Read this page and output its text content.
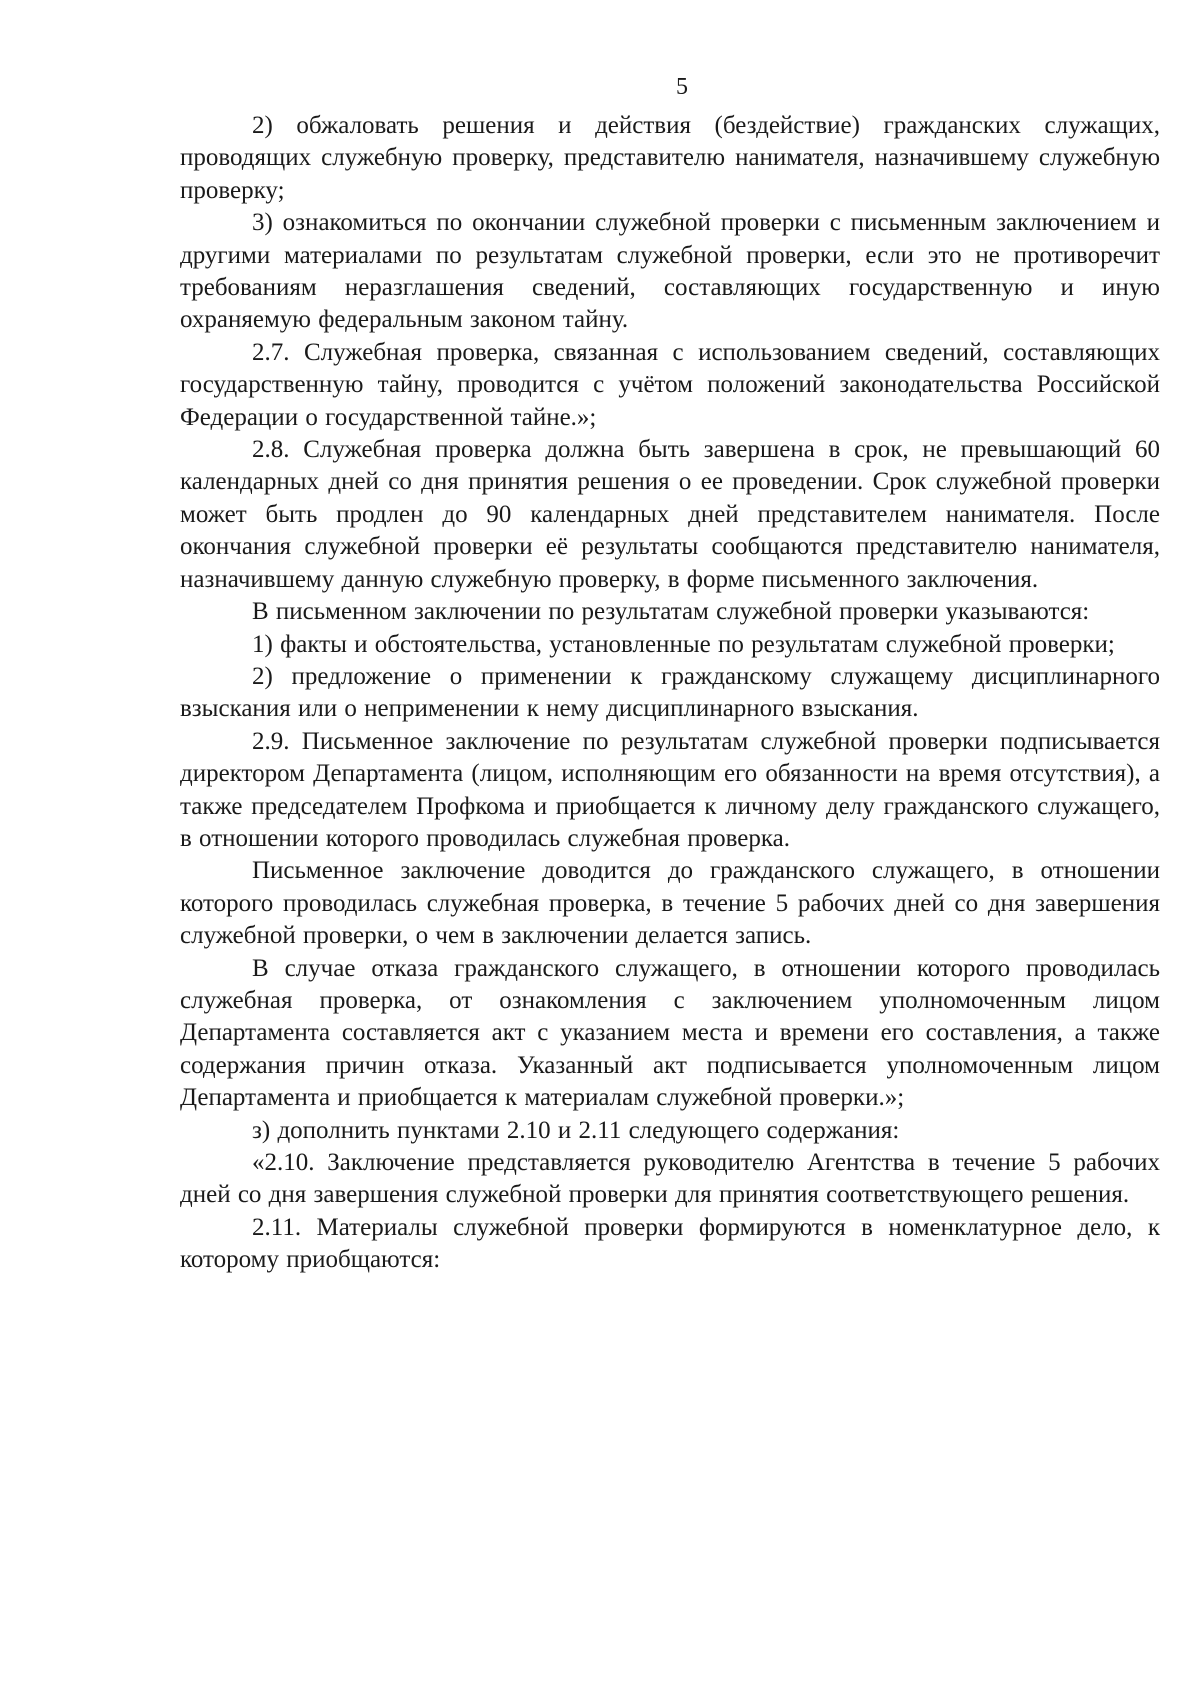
5

2) обжаловать решения и действия (бездействие) гражданских служащих, проводящих служебную проверку, представителю нанимателя, назначившему служебную проверку;

3) ознакомиться по окончании служебной проверки с письменным заключением и другими материалами по результатам служебной проверки, если это не противоречит требованиям неразглашения сведений, составляющих государственную и иную охраняемую федеральным законом тайну.

2.7. Служебная проверка, связанная с использованием сведений, составляющих государственную тайну, проводится с учётом положений законодательства Российской Федерации о государственной тайне.»;

2.8. Служебная проверка должна быть завершена в срок, не превышающий 60 календарных дней со дня принятия решения о ее проведении. Срок служебной проверки может быть продлен до 90 календарных дней представителем нанимателя. После окончания служебной проверки её результаты сообщаются представителю нанимателя, назначившему данную служебную проверку, в форме письменного заключения.

В письменном заключении по результатам служебной проверки указываются:

1) факты и обстоятельства, установленные по результатам служебной проверки;

2) предложение о применении к гражданскому служащему дисциплинарного взыскания или о неприменении к нему дисциплинарного взыскания.

2.9. Письменное заключение по результатам служебной проверки подписывается директором Департамента (лицом, исполняющим его обязанности на время отсутствия), а также председателем Профкома и приобщается к личному делу гражданского служащего, в отношении которого проводилась служебная проверка.

Письменное заключение доводится до гражданского служащего, в отношении которого проводилась служебная проверка, в течение 5 рабочих дней со дня завершения служебной проверки, о чем в заключении делается запись.

В случае отказа гражданского служащего, в отношении которого проводилась служебная проверка, от ознакомления с заключением уполномоченным лицом Департамента составляется акт с указанием места и времени его составления, а также содержания причин отказа. Указанный акт подписывается уполномоченным лицом Департамента и приобщается к материалам служебной проверки.»;

з) дополнить пунктами 2.10 и 2.11 следующего содержания:

«2.10. Заключение представляется руководителю Агентства в течение 5 рабочих дней со дня завершения служебной проверки для принятия соответствующего решения.

2.11. Материалы служебной проверки формируются в номенклатурное дело, к которому приобщаются:
